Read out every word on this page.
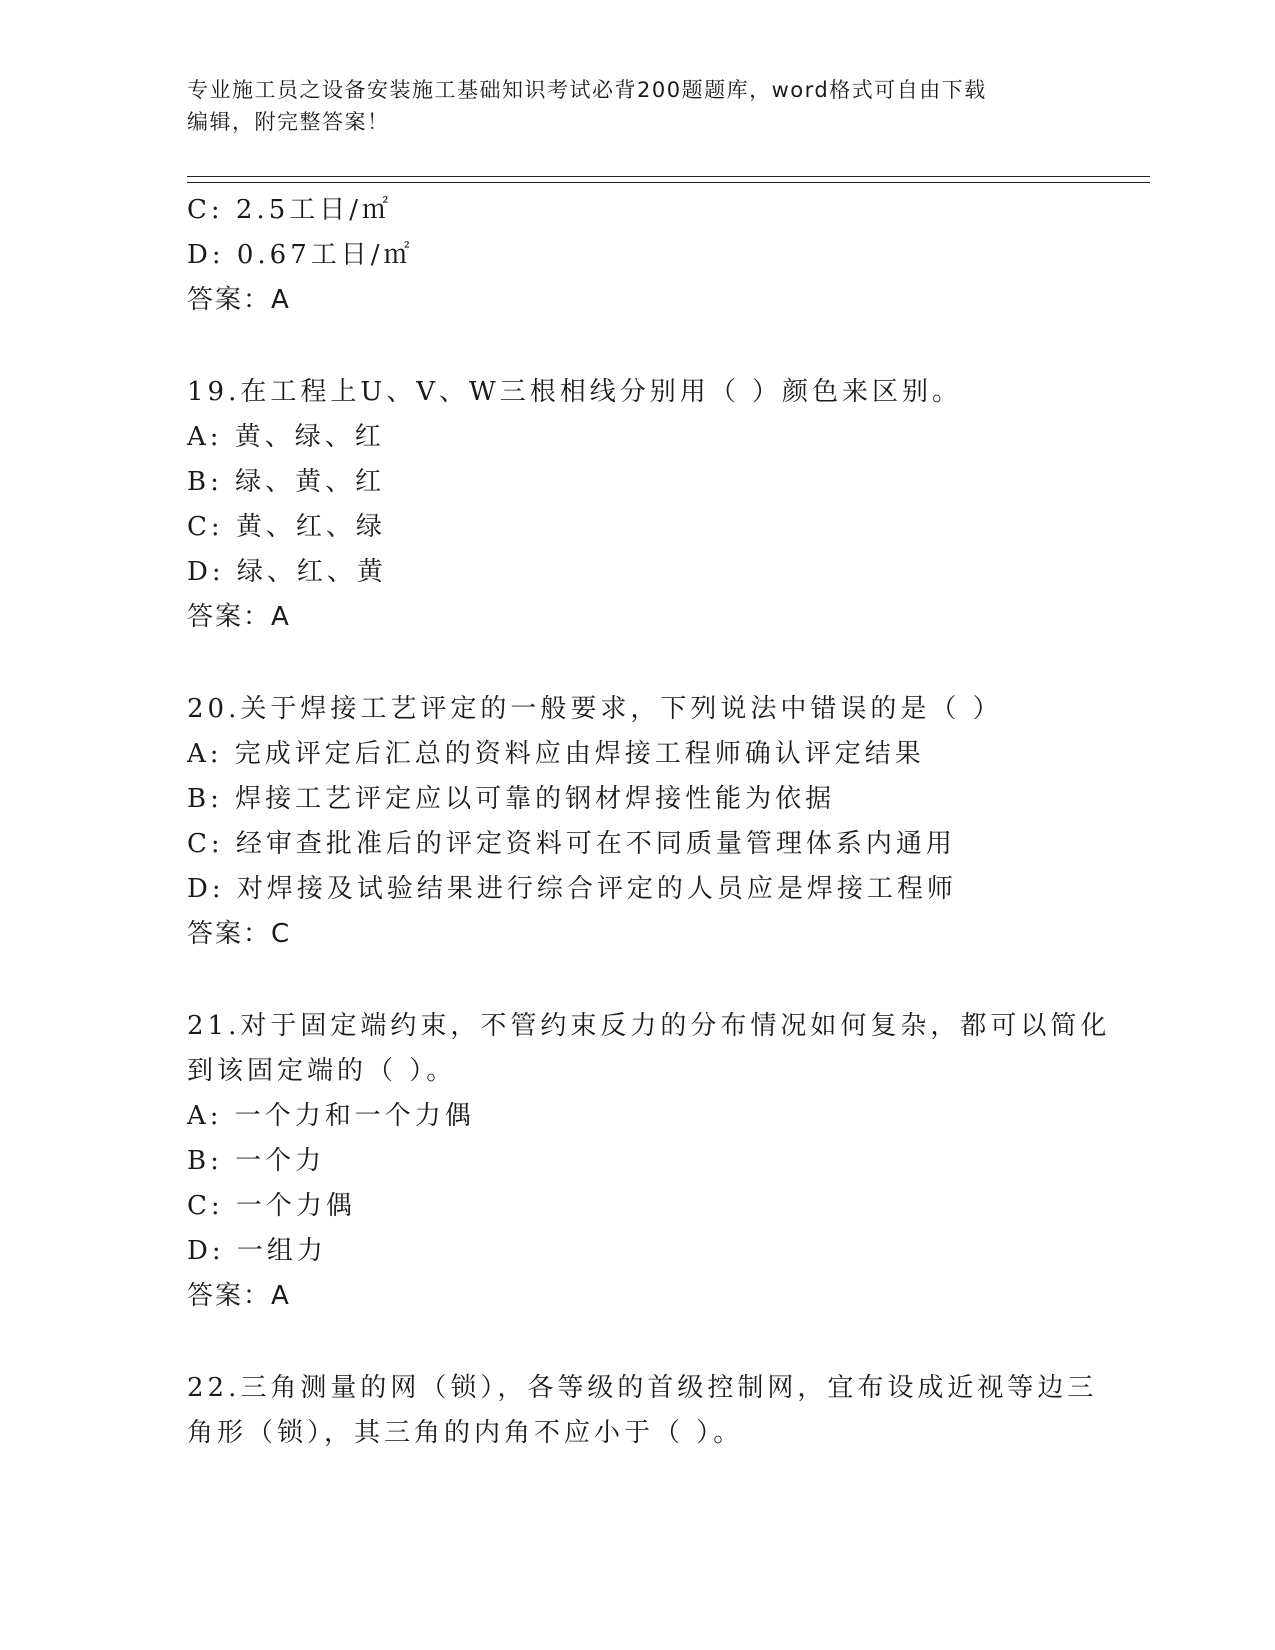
专业施工员之设备安装施工基础知识考试必背200题题库，word格式可自由下载
编辑，附完整答案！
C: 2.5工日/㎡
D: 0.67工日/㎡
答案：A
19.在工程上U、V、W三根相线分别用（ ）颜色来区别。
A: 黄、绿、红
B: 绿、黄、红
C: 黄、红、绿
D: 绿、红、黄
答案：A
20.关于焊接工艺评定的一般要求，下列说法中错误的是（ ）
A: 完成评定后汇总的资料应由焊接工程师确认评定结果
B: 焊接工艺评定应以可靠的钢材焊接性能为依据
C: 经审查批准后的评定资料可在不同质量管理体系内通用
D: 对焊接及试验结果进行综合评定的人员应是焊接工程师
答案：C
21.对于固定端约束，不管约束反力的分布情况如何复杂，都可以简化
到该固定端的（ ）。
A: 一个力和一个力偶
B: 一个力
C: 一个力偶
D: 一组力
答案：A
22.三角测量的网（锁），各等级的首级控制网，宜布设成近视等边三
角形（锁），其三角的内角不应小于（ ）。
